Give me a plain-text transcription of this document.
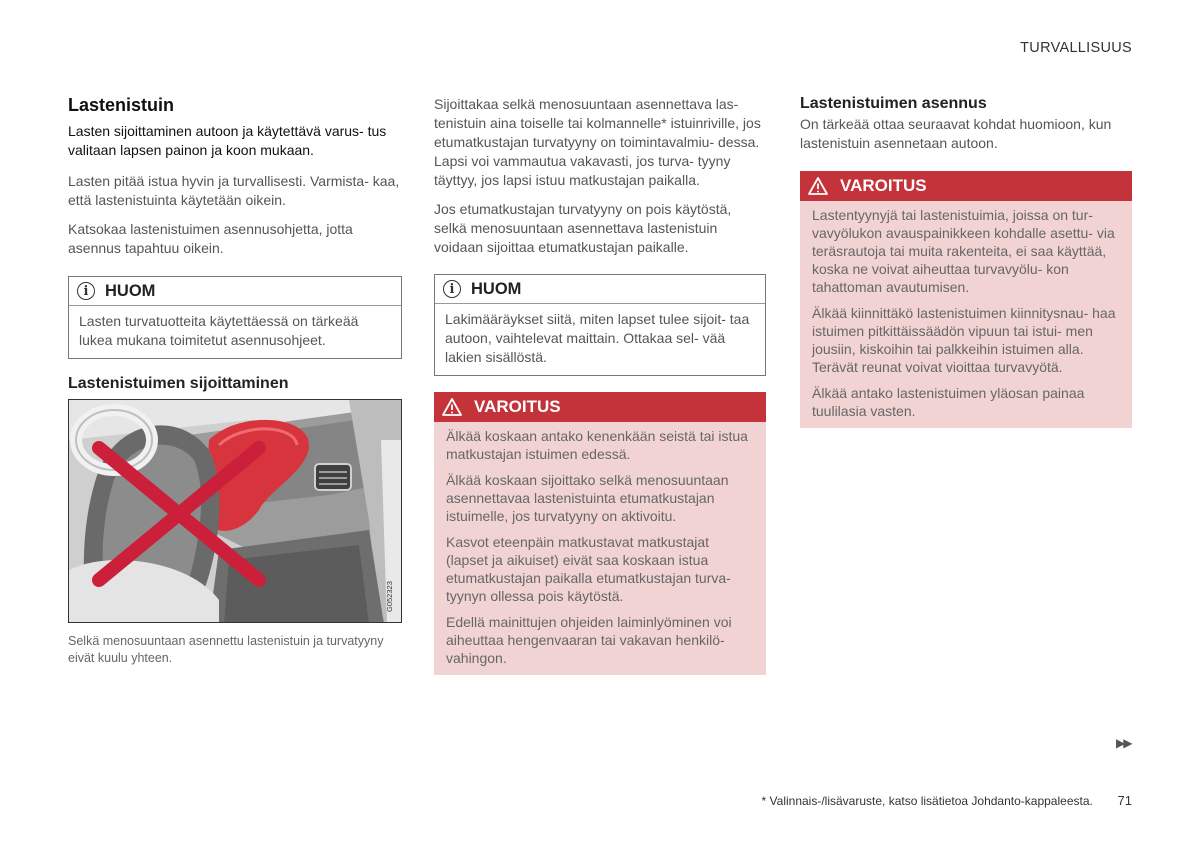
TURVALLISUUS
Lastenistuin

Lasten sijoittaminen autoon ja käytettävä varus- tus valitaan lapsen painon ja koon mukaan.

Lasten pitää istua hyvin ja turvallisesti. Varmista- kaa, että lastenistuinta käytetään oikein.

Katsokaa lastenistuimen asennusohjetta, jotta asennus tapahtuu oikein.

i	HUOM
Lasten turvatuotteita käytettäessä on tärkeää lukea mukana toimitetut asennusohjeet.
Lastenistuimen sijoittaminen
G052323

Selkä menosuuntaan asennettu lastenistuin ja turvatyyny eivät kuulu yhteen.

Sijoittakaa selkä menosuuntaan asennettava las- tenistuin aina toiselle tai kolmannelle* istuinriville, jos etumatkustajan turvatyyny on toimintavalmiu- dessa. Lapsi voi vammautua vakavasti, jos turva- tyyny täyttyy, jos lapsi istuu matkustajan paikalla.

Jos etumatkustajan turvatyyny on pois käytöstä, selkä menosuuntaan asennettava lastenistuin voidaan sijoittaa etumatkustajan paikalle.

i	HUOM
Lakimääräykset siitä, miten lapset tulee sijoit- taa autoon, vaihtelevat maittain. Ottakaa sel- vää lakien sisällöstä.
VAROITUS

Älkää koskaan antako kenenkään seistä tai istua matkustajan istuimen edessä.

Älkää koskaan sijoittako selkä menosuuntaan asennettavaa lastenistuinta etumatkustajan istuimelle, jos turvatyyny on aktivoitu.

Kasvot eteenpäin matkustavat matkustajat (lapset ja aikuiset) eivät saa koskaan istua etumatkustajan paikalla etumatkustajan turva- tyynyn ollessa pois käytöstä.

Edellä mainittujen ohjeiden laiminlyöminen voi aiheuttaa hengenvaaran tai vakavan henkilö- vahingon.

Lastenistuimen asennus

On tärkeää ottaa seuraavat kohdat huomioon, kun lastenistuin asennetaan autoon.

VAROITUS

Lastentyynyjä tai lastenistuimia, joissa on tur- vavyölukon avauspainikkeen kohdalle asettu- via teräsrautoja tai muita rakenteita, ei saa käyttää, koska ne voivat aiheuttaa turvavyölu- kon tahattoman avautumisen.

Älkää kiinnittäkö lastenistuimen kiinnitysnau- haa istuimen pitkittäissäädön vipuun tai istui- men jousiin, kiskoihin tai palkkeihin istuimen alla. Terävät reunat voivat vioittaa turvavyötä.

Älkää antako lastenistuimen yläosan painaa tuulilasia vasten.

▶▶
* Valinnais-/lisävaruste, katso lisätietoa Johdanto-kappaleesta. 71
